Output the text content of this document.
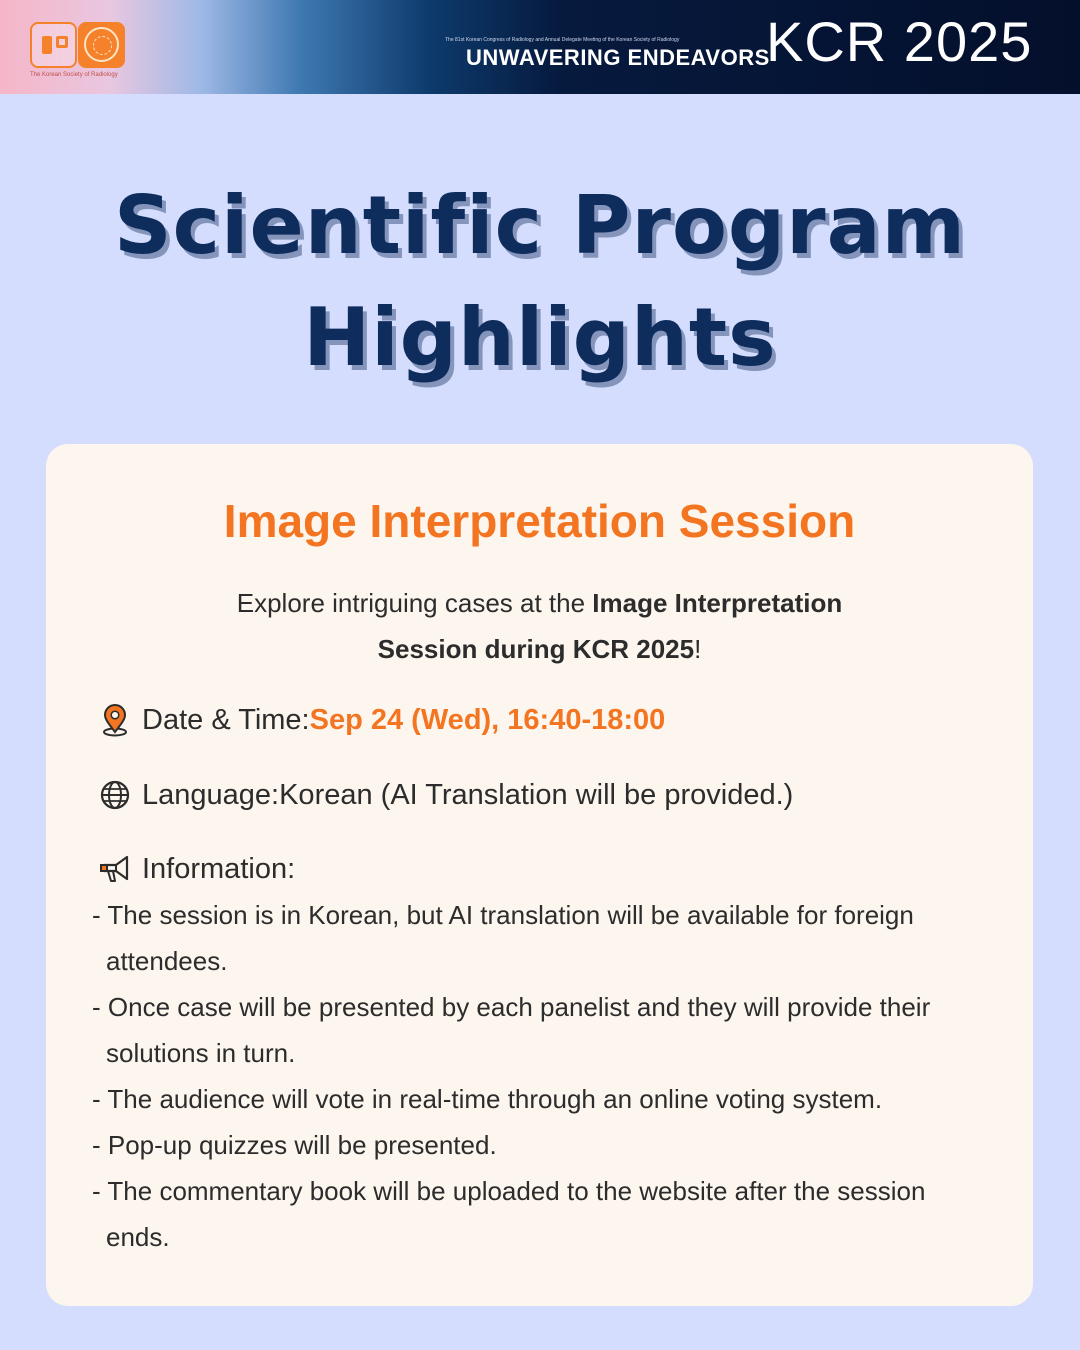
The Korean Society of Radiology
The 81st Korean Congress of Radiology and Annual Delegate Meeting of the Korean Society of Radiology
UNWAVERING ENDEAVORS
KCR 2025
Scientific Program
Highlights
Image Interpretation Session
Explore intriguing cases at the Image Interpretation
Session during KCR 2025!
Date & Time: Sep 24 (Wed), 16:40-18:00
Language: Korean (AI Translation will be provided.)
Information:
- The session is in Korean, but AI translation will be available for foreign attendees.
- Once case will be presented by each panelist and they will provide their solutions in turn.
- The audience will vote in real-time through an online voting system.
- Pop-up quizzes will be presented.
- The commentary book will be uploaded to the website after the session ends.
